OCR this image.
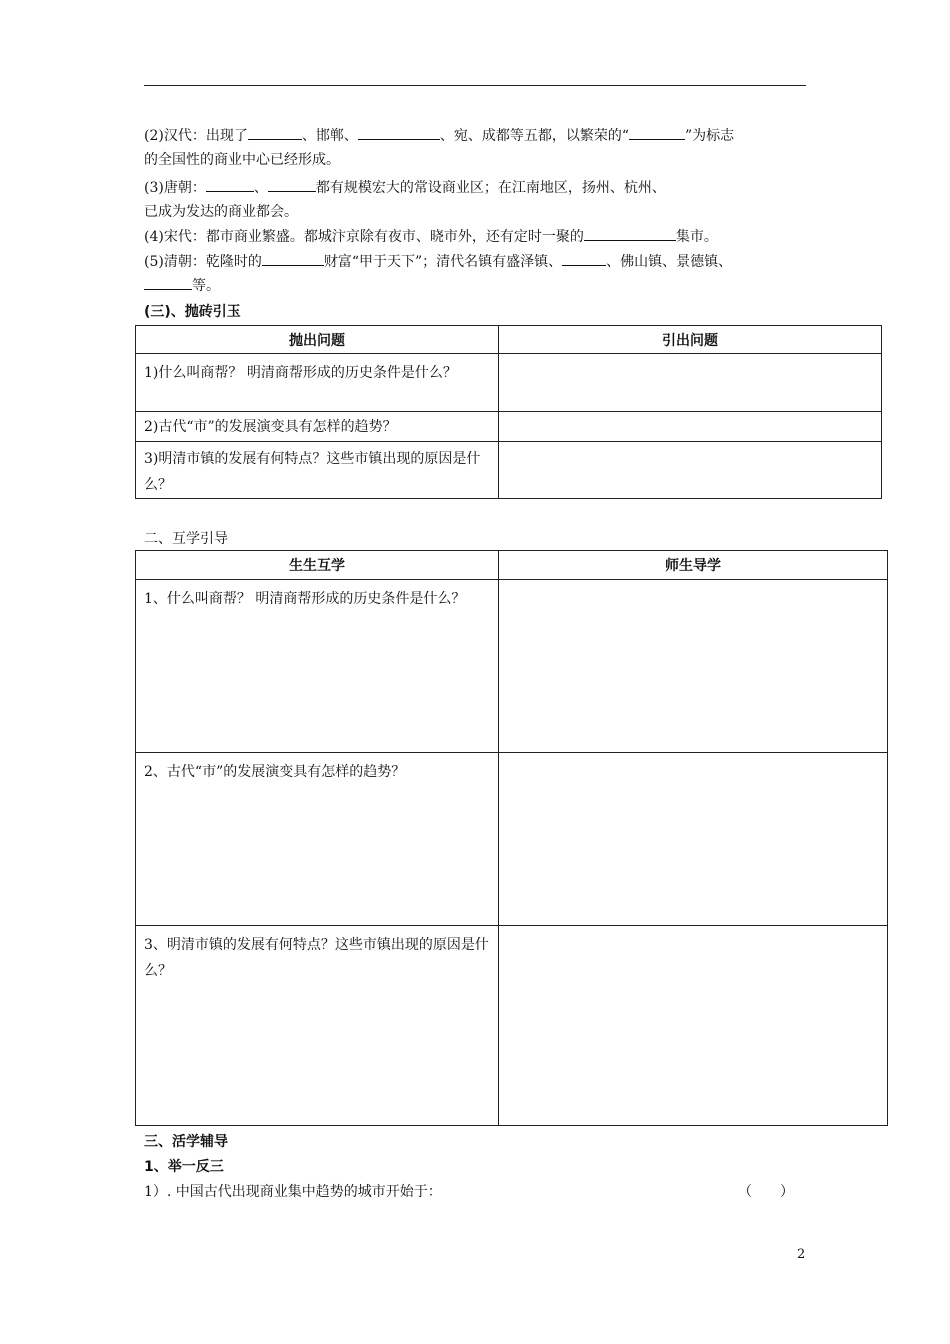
(2)汉代：出现了	、邯郸、	、宛、成都等五都，以繁荣的“	”为标志
的全国性的商业中心已经形成。
(3)唐朝：	、	都有规模宏大的常设商业区；在江南地区，扬州、杭州、
已成为发达的商业都会。
(4)宋代：都市商业繁盛。都城汴京除有夜市、晓市外，还有定时一聚的	集市。
(5)清朝：乾隆时的	财富“甲于天下”；清代名镇有盛泽镇、	、佛山镇、景德镇、
等。
(三)、抛砖引玉
抛出问题	引出问题

1)什么叫商帮？ 明清商帮形成的历史条件是什么？	

2)古代“市”的发展演变具有怎样的趋势？	

3)明清市镇的发展有何特点？这些市镇出现的原因是什么？	

二、互学引导
生生互学	师生导学

1、什么叫商帮？ 明清商帮形成的历史条件是什么？	

2、古代“市”的发展演变具有怎样的趋势？	

3、明清市镇的发展有何特点？这些市镇出现的原因是什么？	

三、活学辅导
1、举一反三
1）. 中国古代出现商业集中趋势的城市开始于：	（　　）
2
